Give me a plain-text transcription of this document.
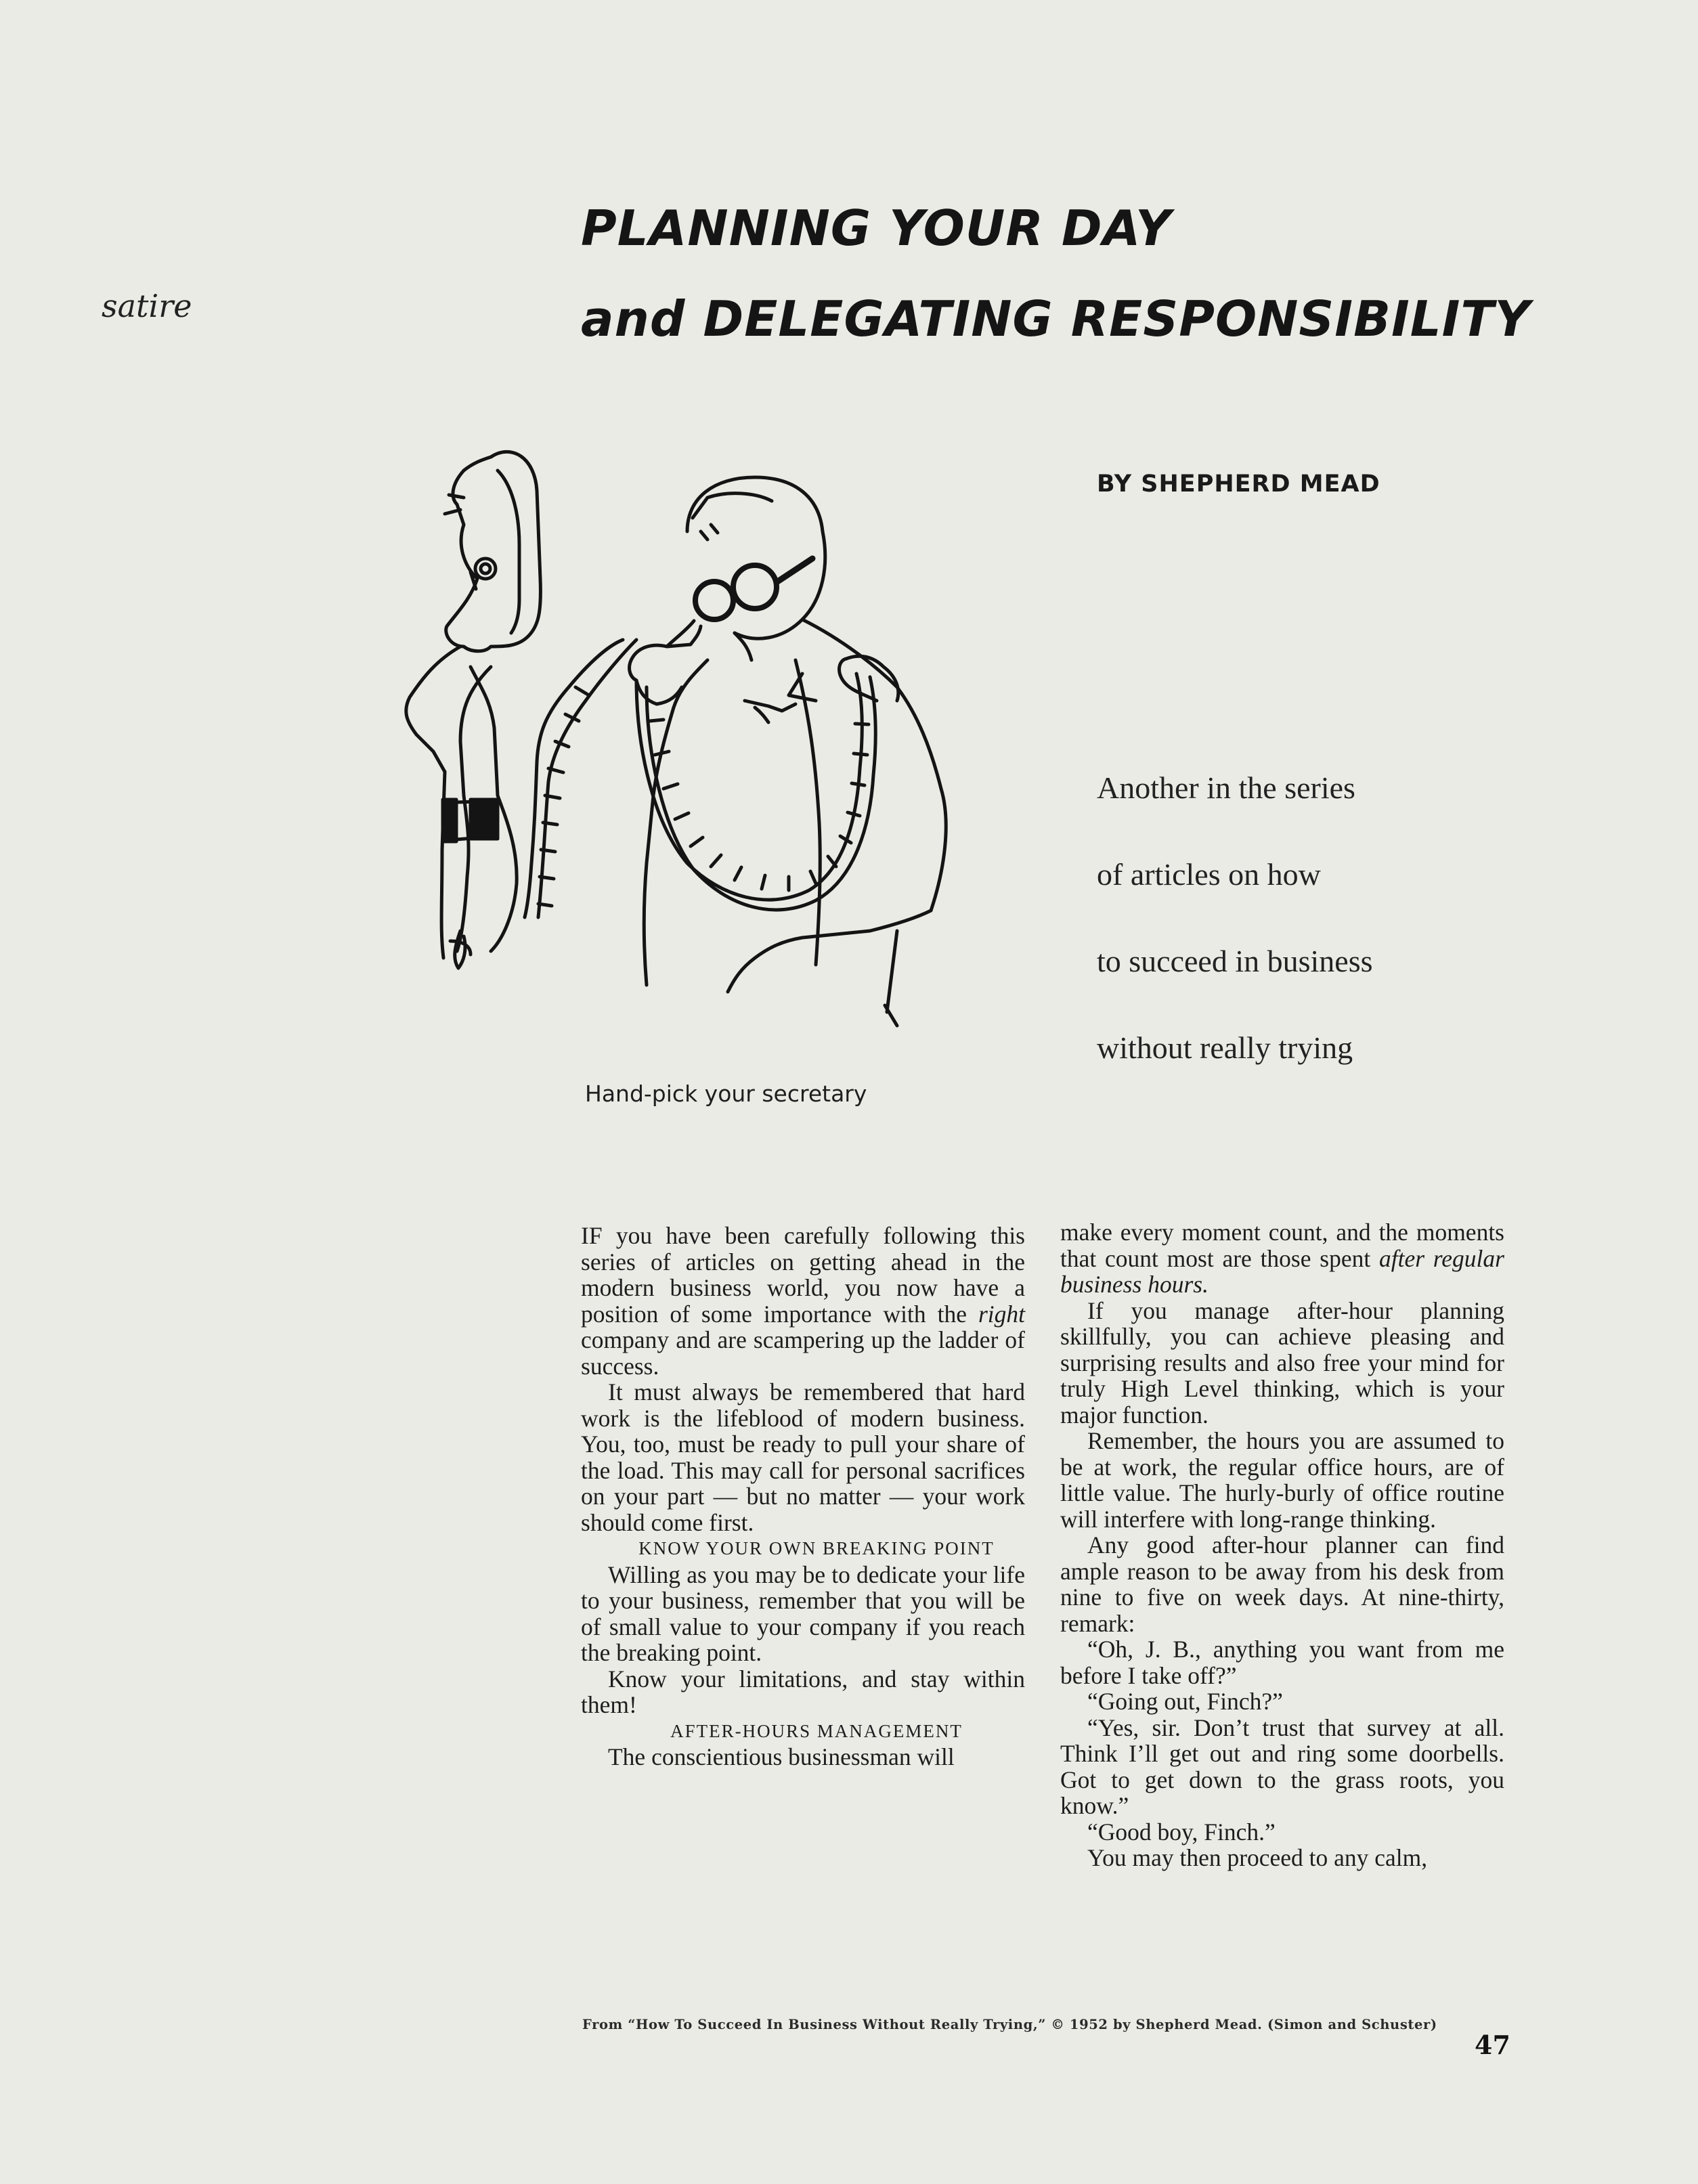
satire
PLANNING YOUR DAY
and DELEGATING RESPONSIBILITY
BY SHEPHERD MEAD
Hand-pick your secretary
Another in the series
of articles on how
to succeed in business
without really trying

IF you have been carefully following this series of articles on getting ahead in the modern business world, you now have a position of some importance with the right company and are scampering up the ladder of success.

It must always be remembered that hard work is the lifeblood of modern business. You, too, must be ready to pull your share of the load. This may call for personal sacrifices on your part — but no matter — your work should come first.

KNOW YOUR OWN BREAKING POINT

Willing as you may be to dedicate your life to your business, remember that you will be of small value to your company if you reach the breaking point.

Know your limitations, and stay within them!

AFTER-HOURS MANAGEMENT

The conscientious businessman will

make every moment count, and the moments that count most are those spent after regular business hours.

If you manage after-hour planning skillfully, you can achieve pleasing and surprising results and also free your mind for truly High Level thinking, which is your major function.

Remember, the hours you are assumed to be at work, the regular office hours, are of little value. The hurly-burly of office routine will interfere with long-range thinking.

Any good after-hour planner can find ample reason to be away from his desk from nine to five on week days. At nine-thirty, remark:

“Oh, J. B., anything you want from me before I take off?”

“Going out, Finch?”

“Yes, sir. Don’t trust that survey at all. Think I’ll get out and ring some doorbells. Got to get down to the grass roots, you know.”

“Good boy, Finch.”

You may then proceed to any calm,

From “How To Succeed In Business Without Really Trying,” © 1952 by Shepherd Mead. (Simon and Schuster)
47
